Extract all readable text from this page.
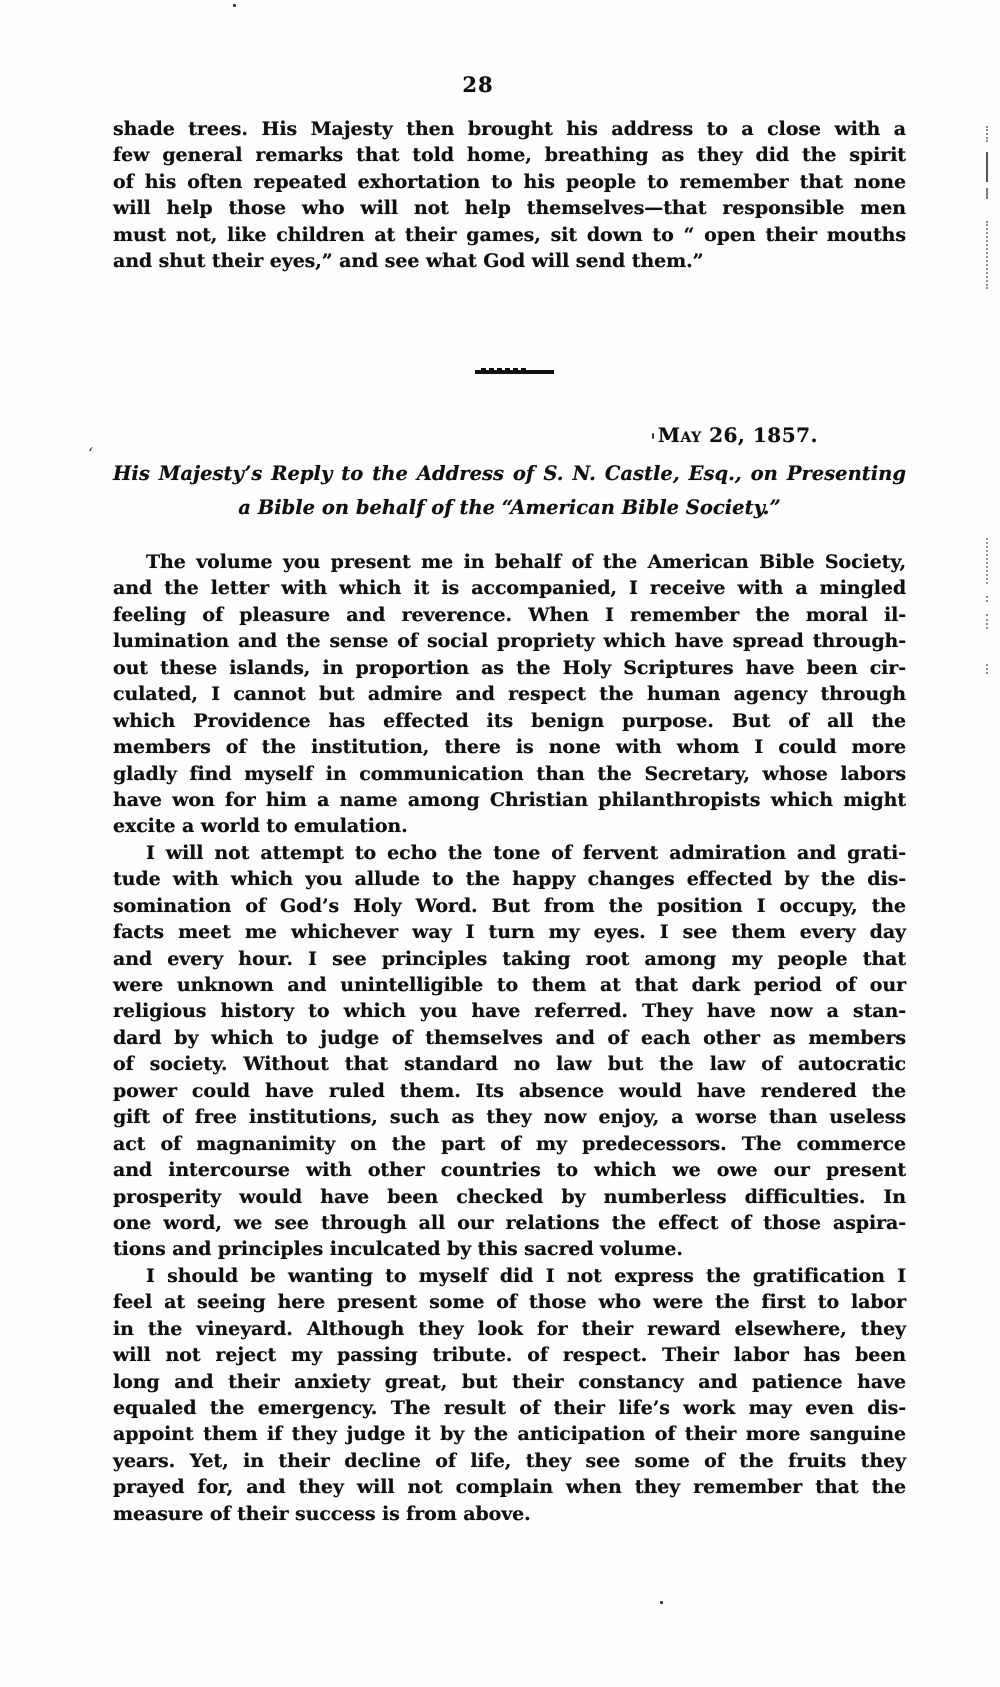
28
shade trees. His Majesty then brought his address to a close with a
few general remarks that told home, breathing as they did the spirit
of his often repeated exhortation to his people to remember that none
will help those who will not help themselves—that responsible men
must not, like children at their games, sit down to “ open their mouths
and shut their eyes,” and see what God will send them.”
May 26, 1857.
‘
His Majesty’s Reply to the Address of S. N. Castle, Esq., on Presenting
a Bible on behalf of the “American Bible Society.”
The volume you present me in behalf of the American Bible Society,
and the letter with which it is accompanied, I receive with a mingled
feeling of pleasure and reverence. When I remember the moral il-
lumination and the sense of social propriety which have spread through-
out these islands, in proportion as the Holy Scriptures have been cir-
culated, I cannot but admire and respect the human agency through
which Providence has effected its benign purpose. But of all the
members of the institution, there is none with whom I could more
gladly find myself in communication than the Secretary, whose labors
have won for him a name among Christian philanthropists which might
excite a world to emulation.
I will not attempt to echo the tone of fervent admiration and grati-
tude with which you allude to the happy changes effected by the dis-
somination of God’s Holy Word. But from the position I occupy, the
facts meet me whichever way I turn my eyes. I see them every day
and every hour. I see principles taking root among my people that
were unknown and unintelligible to them at that dark period of our
religious history to which you have referred. They have now a stan-
dard by which to judge of themselves and of each other as members
of society. Without that standard no law but the law of autocratic
power could have ruled them. Its absence would have rendered the
gift of free institutions, such as they now enjoy, a worse than useless
act of magnanimity on the part of my predecessors. The commerce
and intercourse with other countries to which we owe our present
prosperity would have been checked by numberless difficulties. In
one word, we see through all our relations the effect of those aspira-
tions and principles inculcated by this sacred volume.
I should be wanting to myself did I not express the gratification I
feel at seeing here present some of those who were the first to labor
in the vineyard. Although they look for their reward elsewhere, they
will not reject my passing tribute. of respect. Their labor has been
long and their anxiety great, but their constancy and patience have
equaled the emergency. The result of their life’s work may even dis-
appoint them if they judge it by the anticipation of their more sanguine
years. Yet, in their decline of life, they see some of the fruits they
prayed for, and they will not complain when they remember that the
measure of their success is from above.
